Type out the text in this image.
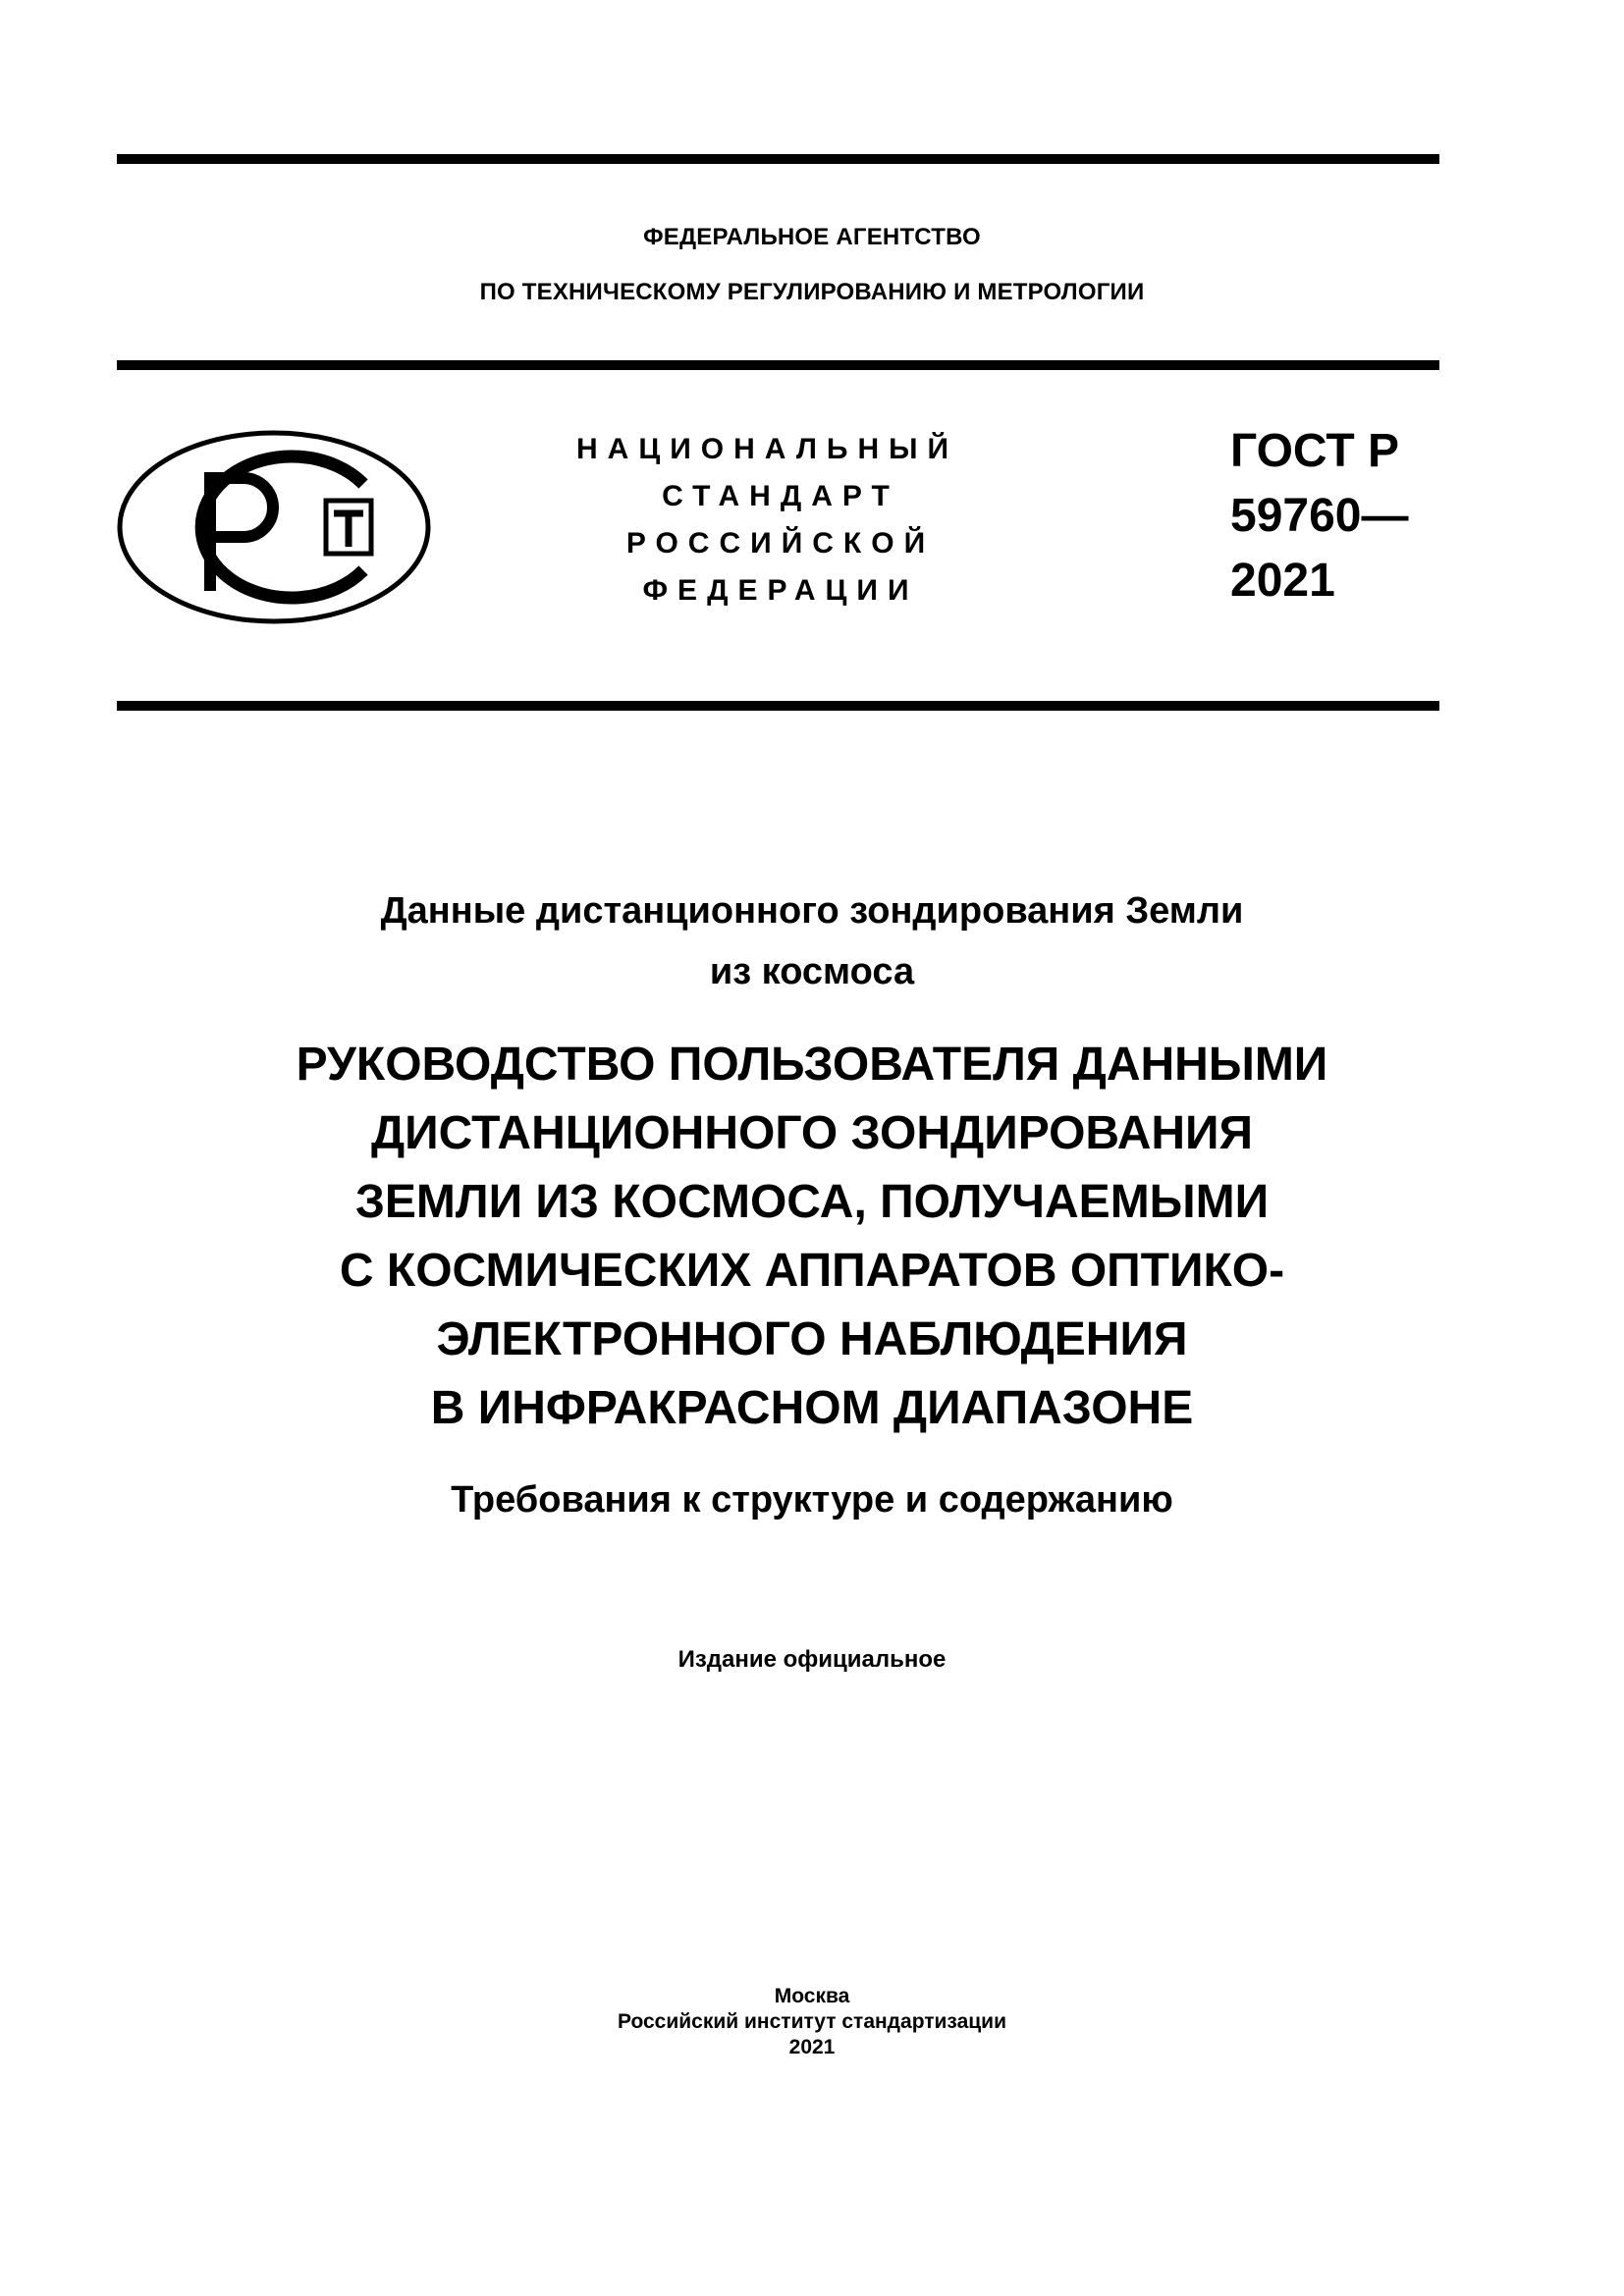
ФЕДЕРАЛЬНОЕ АГЕНТСТВО
ПО ТЕХНИЧЕСКОМУ РЕГУЛИРОВАНИЮ И МЕТРОЛОГИИ
НАЦИОНАЛЬНЫЙ
СТАНДАРТ
РОССИЙСКОЙ
ФЕДЕРАЦИИ
ГОСТ Р
59760—
2021
Данные дистанционного зондирования Земли
из космоса
РУКОВОДСТВО ПОЛЬЗОВАТЕЛЯ ДАННЫМИ
ДИСТАНЦИОННОГО ЗОНДИРОВАНИЯ
ЗЕМЛИ ИЗ КОСМОСА, ПОЛУЧАЕМЫМИ
С КОСМИЧЕСКИХ АППАРАТОВ ОПТИКО-
ЭЛЕКТРОННОГО НАБЛЮДЕНИЯ
В ИНФРАКРАСНОМ ДИАПАЗОНЕ
Требования к структуре и содержанию
Издание официальное
Москва
Российский институт стандартизации
2021
